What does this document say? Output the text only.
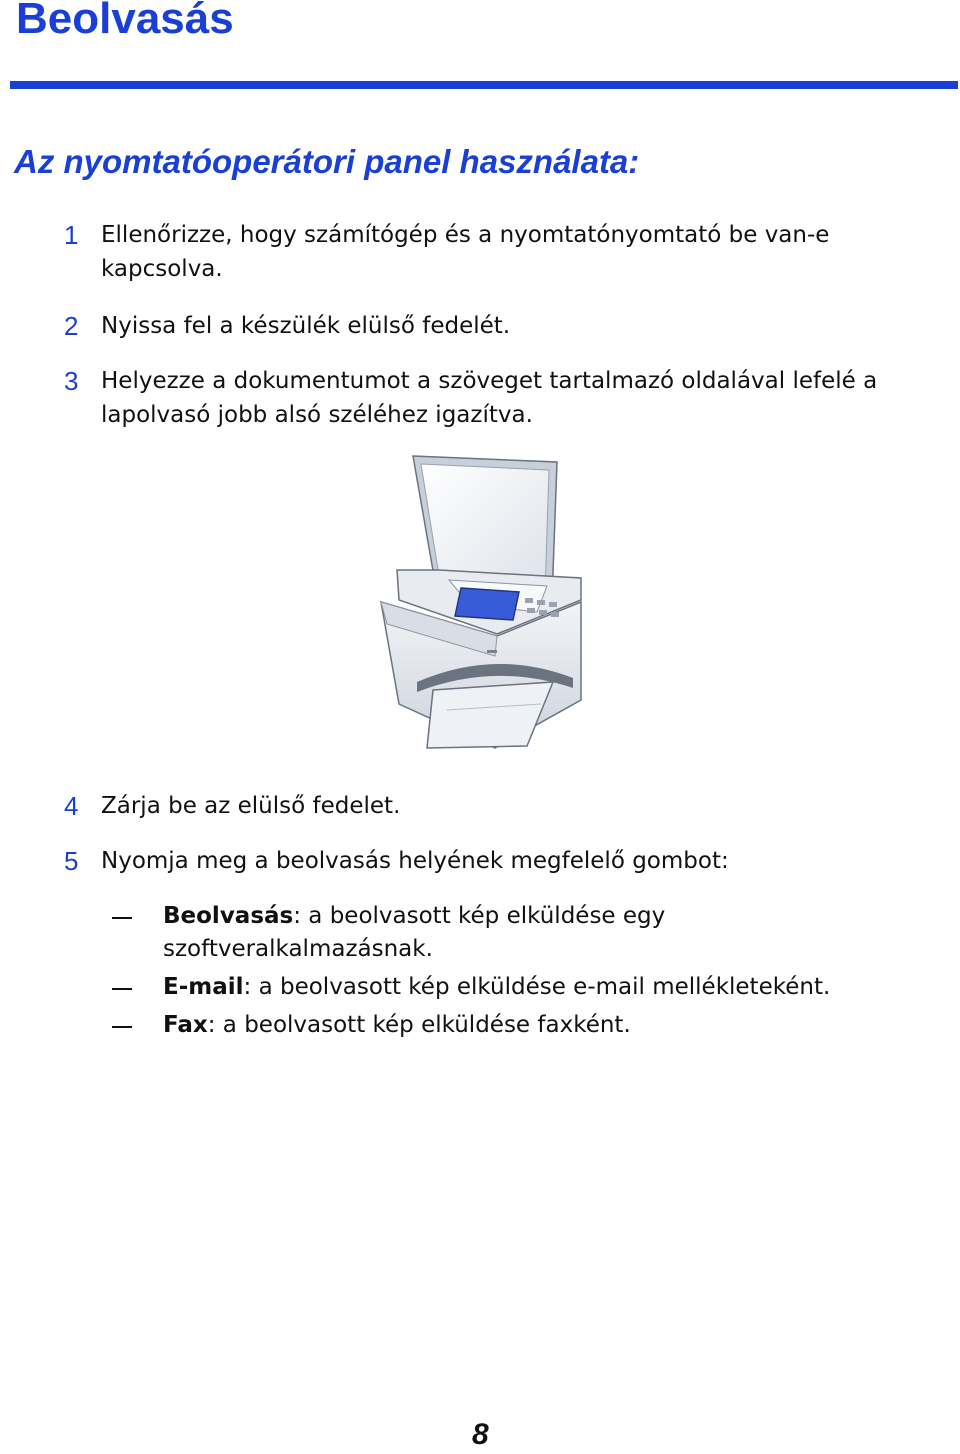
Beolvasás
Az nyomtatóoperátori panel használata:
1 Ellenőrizze, hogy számítógép és a nyomtatónyomtató be van-e kapcsolva.
2 Nyissa fel a készülék elülső fedelét.
3 Helyezze a dokumentumot a szöveget tartalmazó oldalával lefelé a lapolvasó jobb alsó széléhez igazítva.
4 Zárja be az elülső fedelet.
5 Nyomja meg a beolvasás helyének megfelelő gombot:
Beolvasás: a beolvasott kép elküldése egy szoftveralkalmazásnak.
E-mail: a beolvasott kép elküldése e-mail mellékleteként.
Fax: a beolvasott kép elküldése faxként.
8
